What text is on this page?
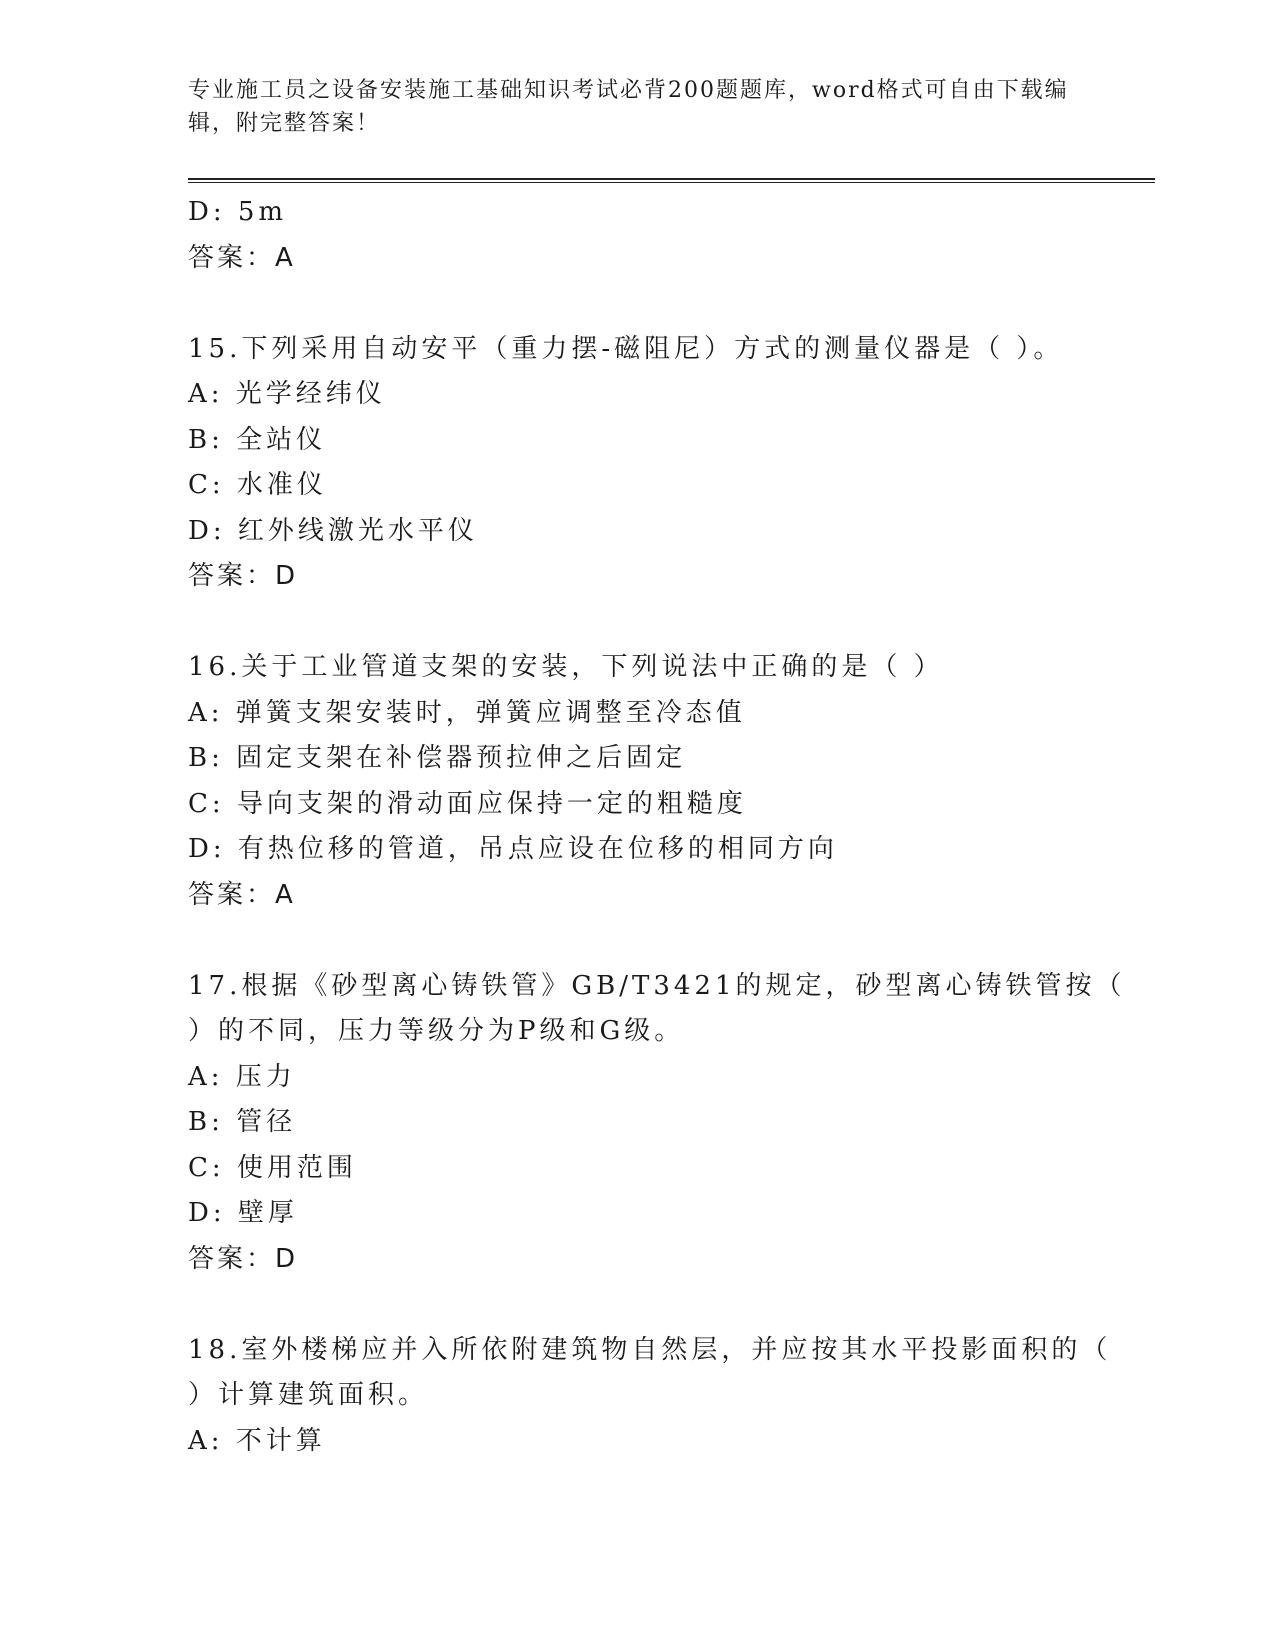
专业施工员之设备安装施工基础知识考试必背200题题库，word格式可自由下载编辑，附完整答案！
D: 5m
答案：A
15.下列采用自动安平（重力摆-磁阻尼）方式的测量仪器是（ ）。
A: 光学经纬仪
B: 全站仪
C: 水准仪
D: 红外线激光水平仪
答案：D
16.关于工业管道支架的安装，下列说法中正确的是（ ）
A: 弹簧支架安装时，弹簧应调整至冷态值
B: 固定支架在补偿器预拉伸之后固定
C: 导向支架的滑动面应保持一定的粗糙度
D: 有热位移的管道，吊点应设在位移的相同方向
答案：A
17.根据《砂型离心铸铁管》GB/T3421的规定，砂型离心铸铁管按（
）的不同，压力等级分为P级和G级。
A: 压力
B: 管径
C: 使用范围
D: 壁厚
答案：D
18.室外楼梯应并入所依附建筑物自然层，并应按其水平投影面积的（
）计算建筑面积。
A: 不计算
